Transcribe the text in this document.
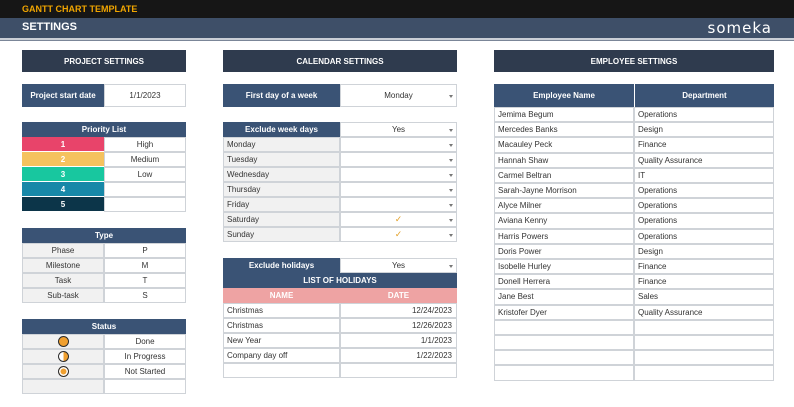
GANTT CHART TEMPLATE
SETTINGS	someka
PROJECT SETTINGS
Project start date	1/1/2023
Priority List
1	High
2	Medium
3	Low
4
5
Type
Phase	P
Milestone	M
Task	T
Sub-task	S
Status
Done
In Progress
Not Started
CALENDAR SETTINGS
First day of a week	Monday
Exclude week days	Yes
Monday
Tuesday
Wednesday
Thursday
Friday
Saturday	✓
Sunday	✓
Exclude holidays	Yes
LIST OF HOLIDAYS
NAME	DATE
Christmas	12/24/2023
Christmas	12/26/2023
New Year	1/1/2023
Company day off	1/22/2023
EMPLOYEE SETTINGS
Employee Name	Department
Jemima Begum	Operations
Mercedes Banks	Design
Macauley Peck	Finance
Hannah Shaw	Quality Assurance
Carmel Beltran	IT
Sarah-Jayne Morrison	Operations
Alyce Milner	Operations
Aviana Kenny	Operations
Harris Powers	Operations
Doris Power	Design
Isobelle Hurley	Finance
Donell Herrera	Finance
Jane Best	Sales
Kristofer Dyer	Quality Assurance
